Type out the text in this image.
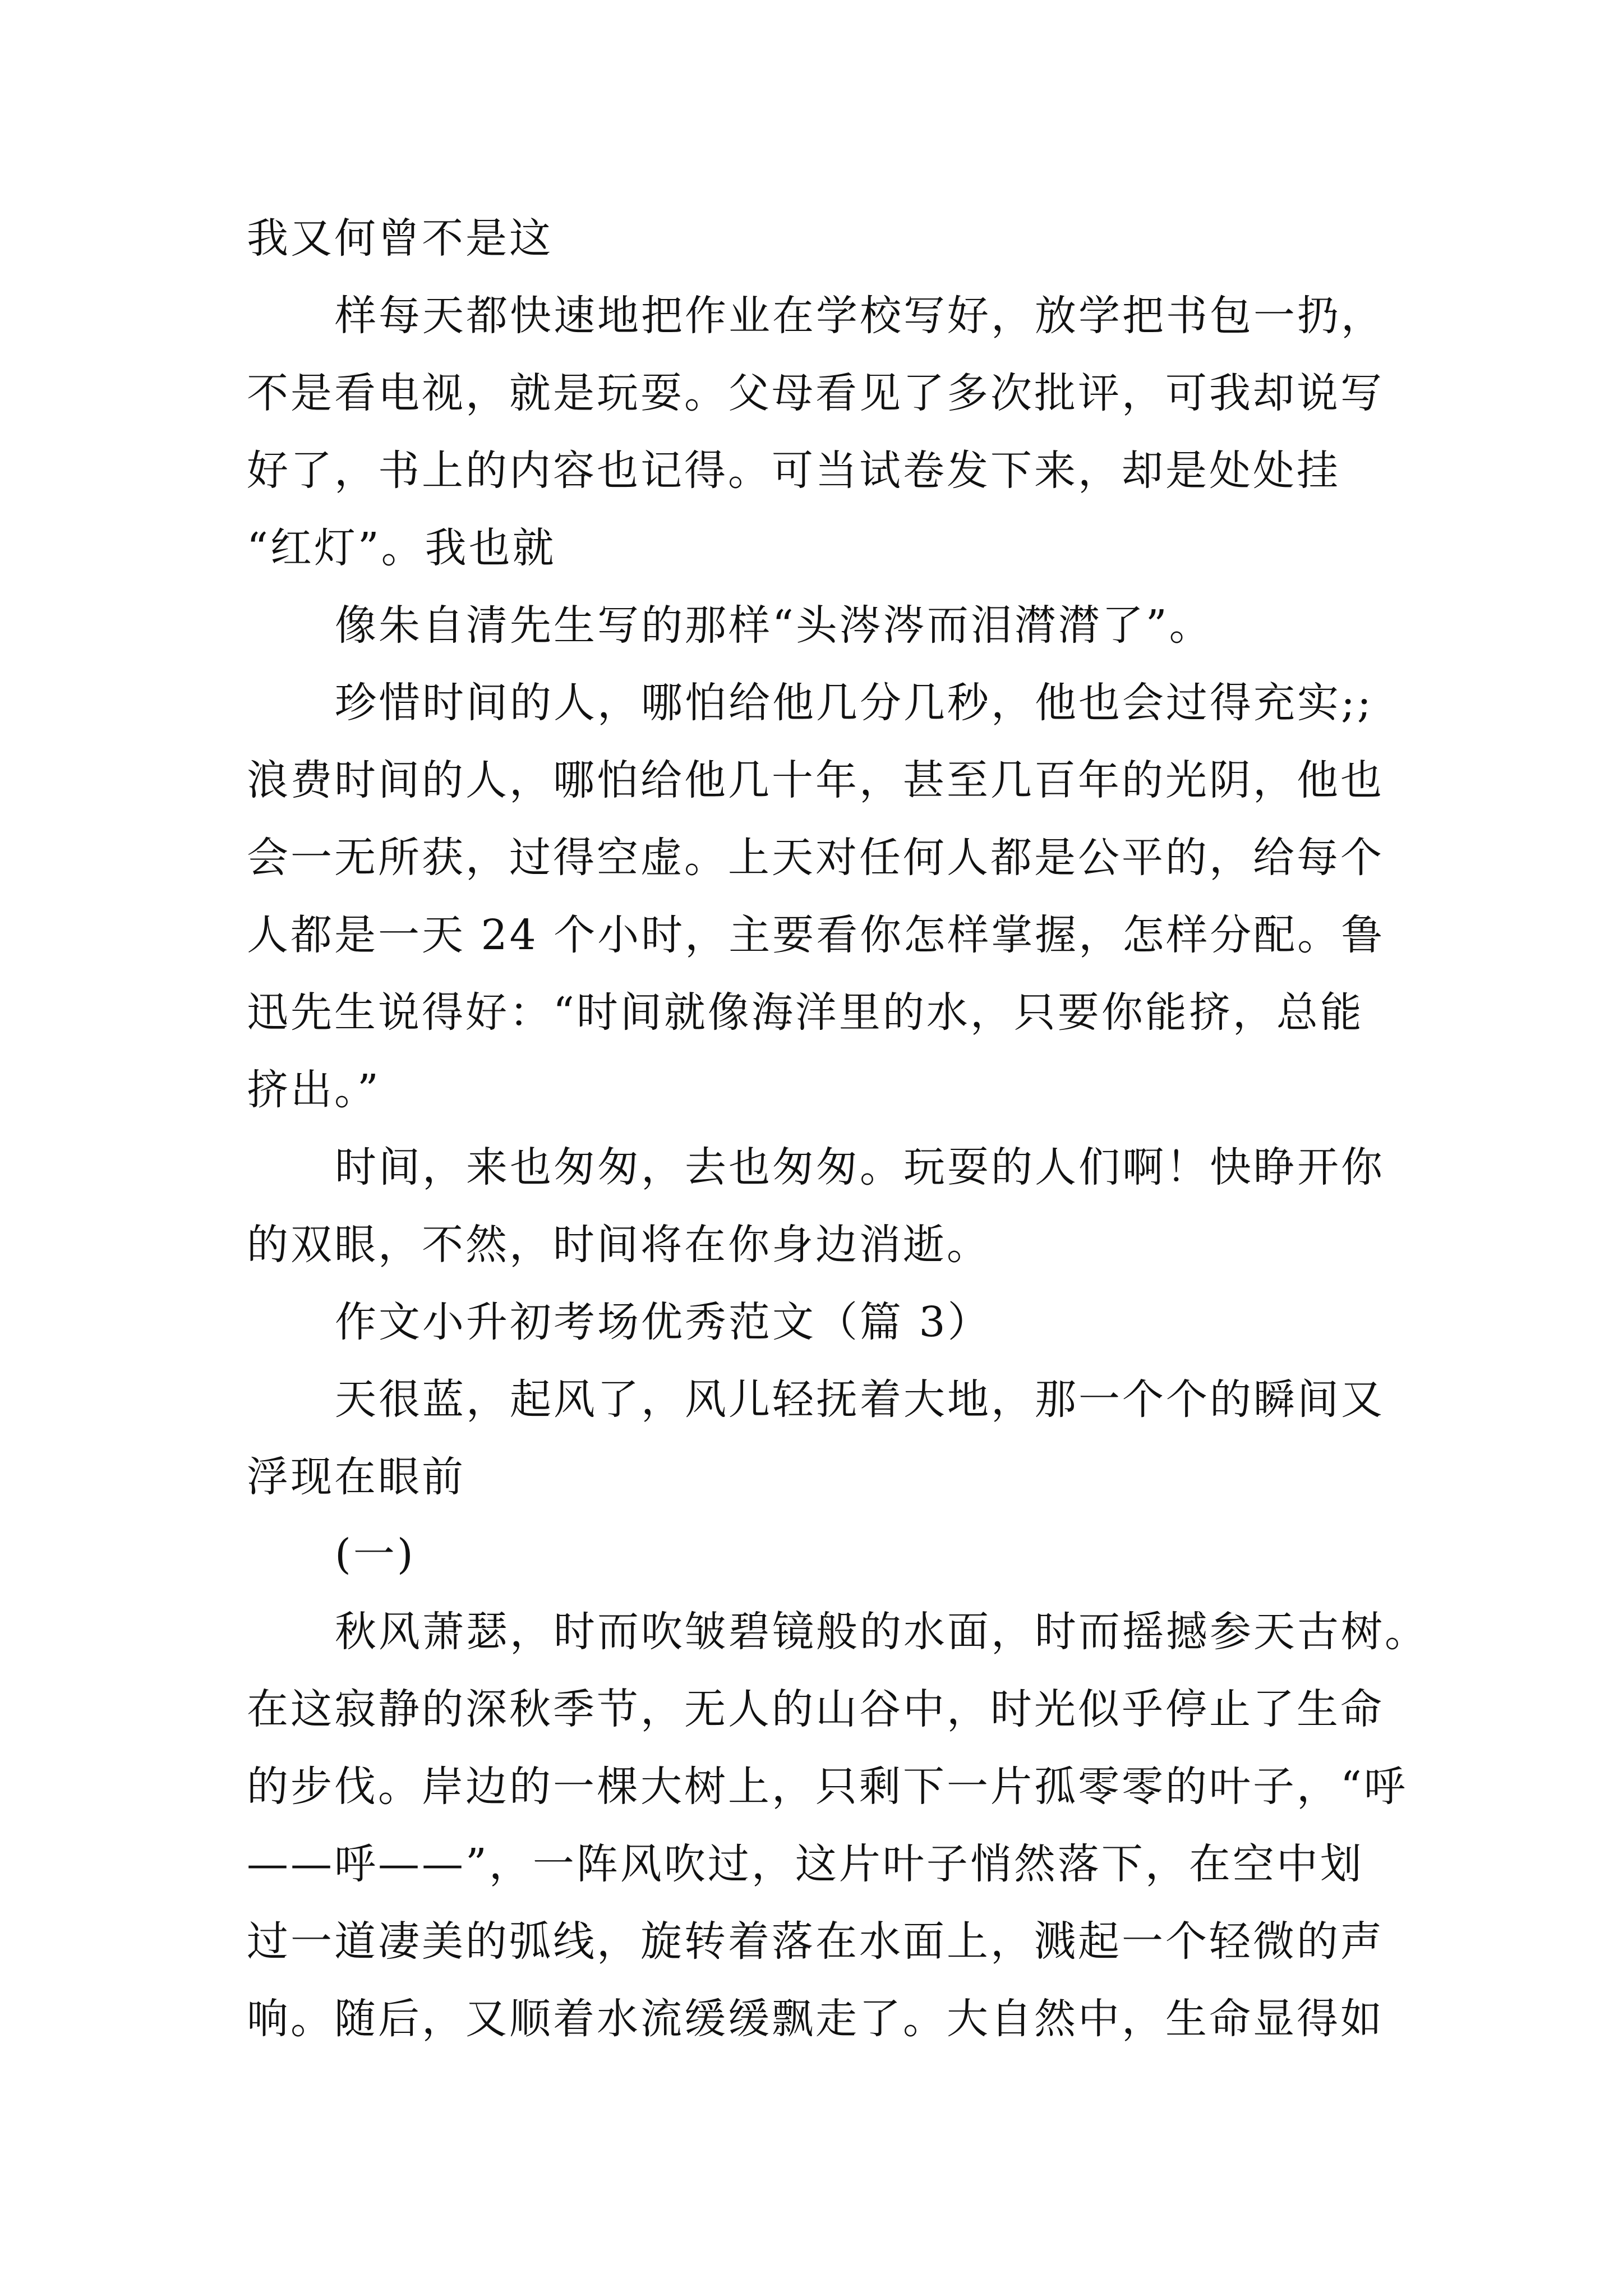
我又何曾不是这
样每天都快速地把作业在学校写好，放学把书包一扔，
不是看电视，就是玩耍。父母看见了多次批评，可我却说写
好了，书上的内容也记得。可当试卷发下来，却是处处挂
“红灯”。我也就
像朱自清先生写的那样“头涔涔而泪潸潸了”。
珍惜时间的人，哪怕给他几分几秒，他也会过得充实;;
浪费时间的人，哪怕给他几十年，甚至几百年的光阴，他也
会一无所获，过得空虚。上天对任何人都是公平的，给每个
人都是一天 24 个小时，主要看你怎样掌握，怎样分配。鲁
迅先生说得好：“时间就像海洋里的水，只要你能挤，总能
挤出。”
时间，来也匆匆，去也匆匆。玩耍的人们啊！快睁开你
的双眼，不然，时间将在你身边消逝。
作文小升初考场优秀范文（篇 3）
天很蓝，起风了，风儿轻抚着大地，那一个个的瞬间又
浮现在眼前
(一)
秋风萧瑟，时而吹皱碧镜般的水面，时而摇撼参天古树。
在这寂静的深秋季节，无人的山谷中，时光似乎停止了生命
的步伐。岸边的一棵大树上，只剩下一片孤零零的叶子，“呼
——呼——”，一阵风吹过，这片叶子悄然落下，在空中划
过一道凄美的弧线，旋转着落在水面上，溅起一个轻微的声
响。随后，又顺着水流缓缓飘走了。大自然中，生命显得如
